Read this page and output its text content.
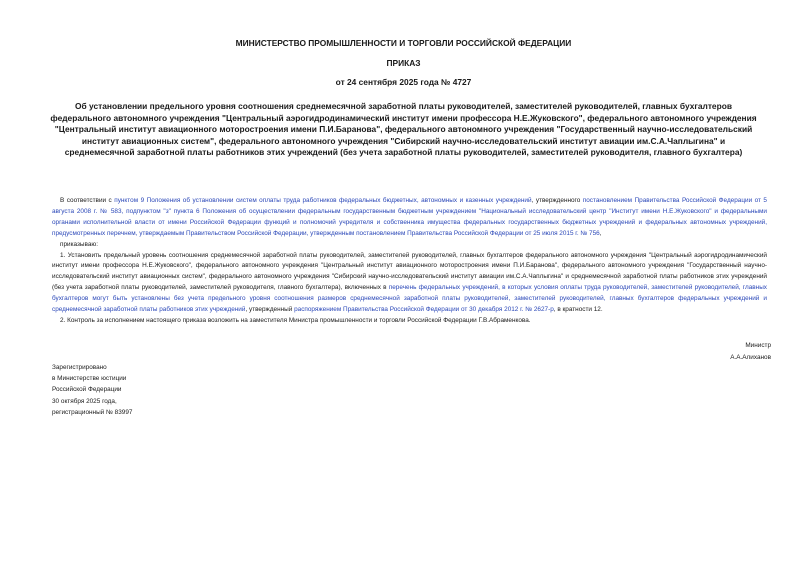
МИНИСТЕРСТВО ПРОМЫШЛЕННОСТИ И ТОРГОВЛИ РОССИЙСКОЙ ФЕДЕРАЦИИ
ПРИКАЗ
от 24 сентября 2025 года № 4727
Об установлении предельного уровня соотношения среднемесячной заработной платы руководителей, заместителей руководителей, главных бухгалтеров федерального автономного учреждения "Центральный аэрогидродинамический институт имени профессора Н.Е.Жуковского", федерального автономного учреждения "Центральный институт авиационного моторостроения имени П.И.Баранова", федерального автономного учреждения "Государственный научно-исследовательский институт авиационных систем", федерального автономного учреждения "Сибирский научно-исследовательский институт авиации им.С.А.Чаплыгина" и среднемесячной заработной платы работников этих учреждений (без учета заработной платы руководителей, заместителей руководителя, главного бухгалтера)

В соответствии с пунктом 9 Положения об установлении систем оплаты труда работников федеральных бюджетных, автономных и казенных учреждений, утвержденного постановлением Правительства Российской Федерации от 5 августа 2008 г. № 583, подпунктом "з" пункта 6 Положения об осуществлении федеральным государственным бюджетным учреждением "Национальный исследовательский центр "Институт имени Н.Е.Жуковского" и федеральными органами исполнительной власти от имени Российской Федерации функций и полномочий учредителя и собственника имущества федеральных государственных бюджетных учреждений и федеральных автономных учреждений, предусмотренных перечнем, утверждаемым Правительством Российской Федерации, утвержденным постановлением Правительства Российской Федерации от 25 июля 2015 г. № 756,

приказываю:

1. Установить предельный уровень соотношения среднемесячной заработной платы руководителей, заместителей руководителей, главных бухгалтеров федерального автономного учреждения "Центральный аэрогидродинамический институт имени профессора Н.Е.Жуковского", федерального автономного учреждения "Центральный институт авиационного моторостроения имени П.И.Баранова", федерального автономного учреждения "Государственный научно-исследовательский институт авиационных систем", федерального автономного учреждения "Сибирский научно-исследовательский институт авиации им.С.А.Чаплыгина" и среднемесячной заработной платы работников этих учреждений (без учета заработной платы руководителей, заместителей руководителя, главного бухгалтера), включенных в перечень федеральных учреждений, в которых условия оплаты труда руководителей, заместителей руководителей, главных бухгалтеров могут быть установлены без учета предельного уровня соотношения размеров среднемесячной заработной платы руководителей, заместителей руководителей, главных бухгалтеров федеральных учреждений и среднемесячной заработной платы работников этих учреждений, утвержденный распоряжением Правительства Российской Федерации от 30 декабря 2012 г. № 2627-р, в кратности 12.

2. Контроль за исполнением настоящего приказа возложить на заместителя Министра промышленности и торговли Российской Федерации Г.В.Абраменкова.

Министр
А.А.Алиханов
Зарегистрировано
в Министерстве юстиции
Российской Федерации
30 октября 2025 года,
регистрационный № 83997
